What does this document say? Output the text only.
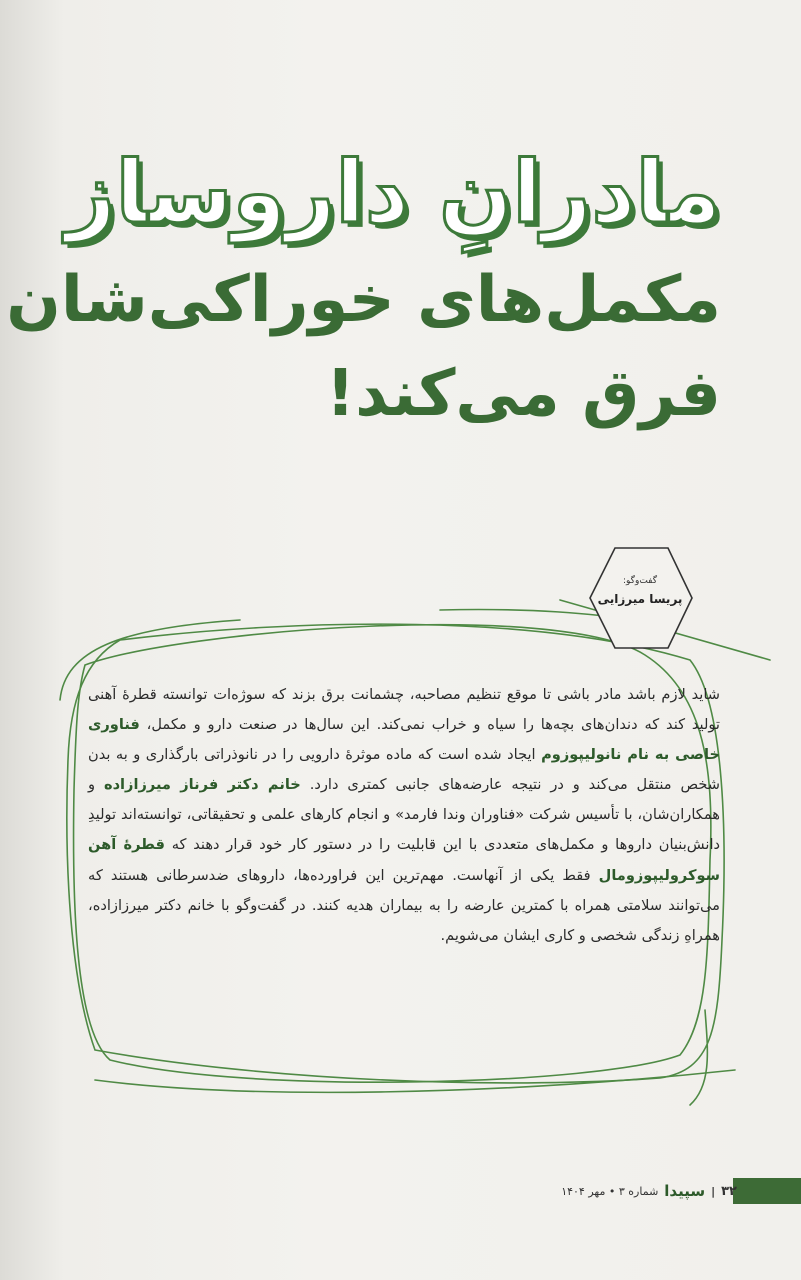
مادرانِ داروساز
مکمل‌های خوراکی‌شان
فرق می‌کند!
گفت‌وگو:
پریسا میرزایی

شاید لازم باشد مادر باشی تا موقع تنظیم مصاحبه، چشمانت برق بزند که سوژه‌ات توانسته قطرهٔ آهنی تولید کند که دندان‌های بچه‌ها را سیاه و خراب نمی‌کند. این سال‌ها در صنعت دارو و مکمل، فناوری خاصی به نام نانولیپوزوم ایجاد شده است که ماده موثرهٔ دارویی را در نانوذراتی بارگذاری و به بدن شخص منتقل می‌کند و در نتیجه عارضه‌های جانبی کمتری دارد. خانم دکتر فرناز میرزازاده و همکاران‌شان، با تأسیس شرکت «فناوران وندا فارمد» و انجام کارهای علمی و تحقیقاتی، توانسته‌اند تولیدِ دانش‌بنیان داروها و مکمل‌های متعددی با این قابلیت را در دستور کار خود قرار دهند که قطرهٔ آهن سوکرولیپوزومال فقط یکی از آنهاست. مهم‌ترین این فراورده‌ها، داروهای ضدسرطانی هستند که می‌توانند سلامتی همراه با کمترین عارضه را به بیماران هدیه کنند. در گفت‌وگو با خانم دکتر میرزازاده، همراهِ زندگی شخصی و کاری ایشان می‌شویم.

۳۲
|
سپیدا
شماره ۳ • مهر ۱۴۰۴
